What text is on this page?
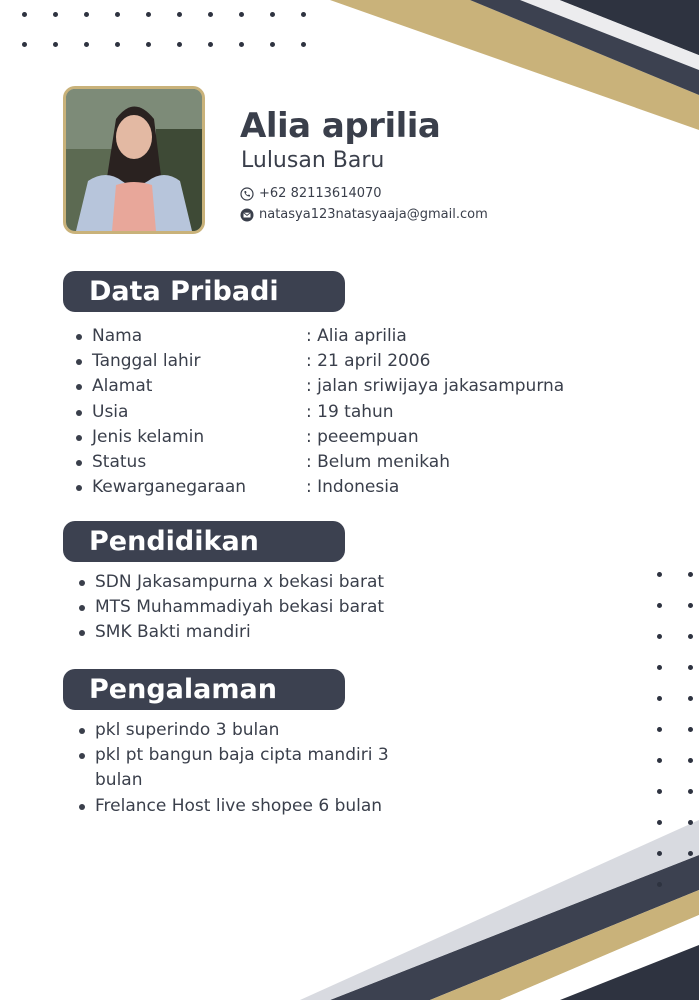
Alia aprilia
Lulusan Baru
+62 82113614070
natasya123natasyaaja@gmail.com
Data Pribadi
Nama	: Alia aprilia
Tanggal lahir	: 21 april 2006
Alamat	: jalan sriwijaya jakasampurna
Usia	: 19 tahun
Jenis kelamin	: peeempuan
Status	: Belum menikah
Kewarganegaraan	: Indonesia
Pendidikan
SDN Jakasampurna x bekasi barat
MTS Muhammadiyah bekasi barat
SMK Bakti mandiri
Pengalaman
pkl superindo 3 bulan
pkl pt bangun baja cipta mandiri 3 bulan
Frelance Host live shopee 6 bulan
